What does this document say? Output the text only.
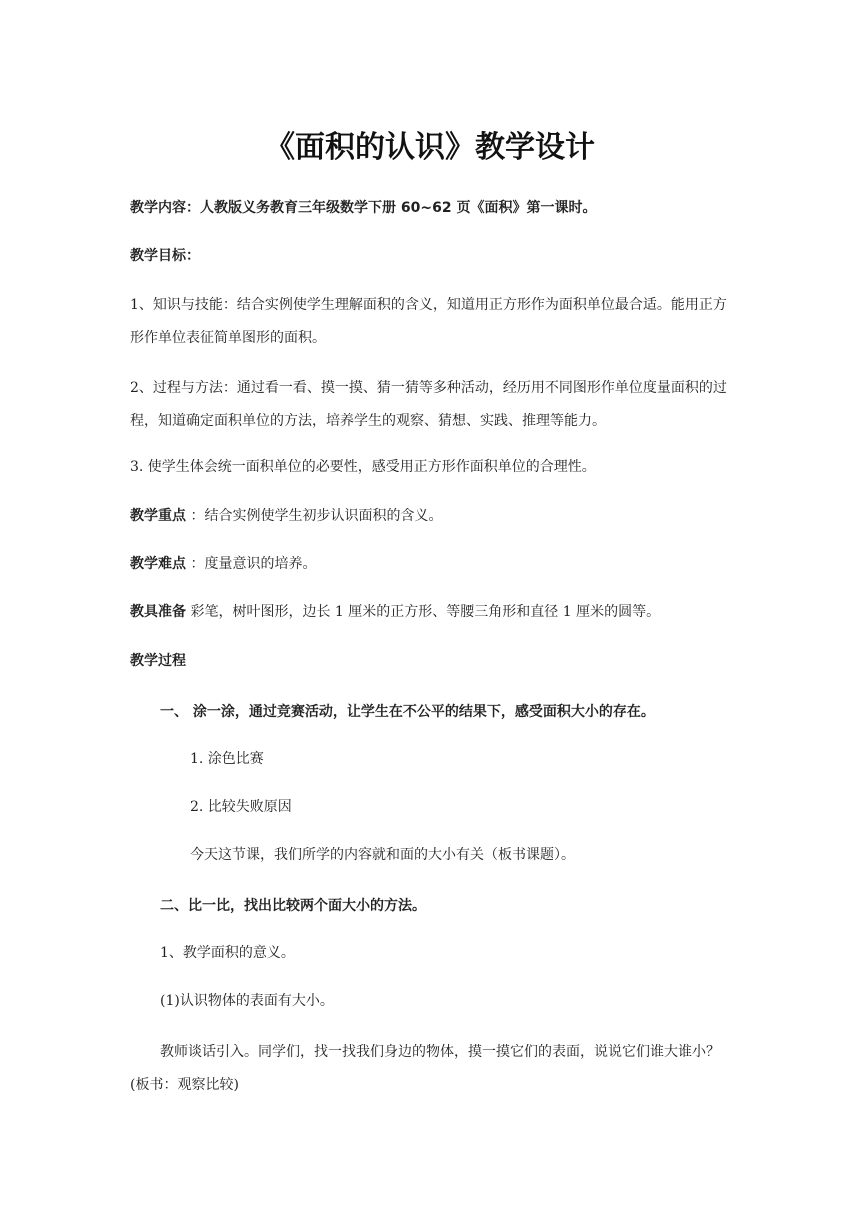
《面积的认识》教学设计
教学内容：人教版义务教育三年级数学下册 60~62 页《面积》第一课时。
教学目标：
1、知识与技能：结合实例使学生理解面积的含义，知道用正方形作为面积单位最合适。能用正方形作单位表征简单图形的面积。
2、过程与方法：通过看一看、摸一摸、猜一猜等多种活动，经历用不同图形作单位度量面积的过程，知道确定面积单位的方法，培养学生的观察、猜想、实践、推理等能力。
3. 使学生体会统一面积单位的必要性，感受用正方形作面积单位的合理性。
教学重点 ：结合实例使学生初步认识面积的含义。
教学难点 ：度量意识的培养。
教具准备 彩笔，树叶图形，边长 1 厘米的正方形、等腰三角形和直径 1 厘米的圆等。
教学过程
一、 涂一涂，通过竞赛活动，让学生在不公平的结果下，感受面积大小的存在。
1. 涂色比赛
2. 比较失败原因
今天这节课，我们所学的内容就和面的大小有关（板书课题）。
二、比一比，找出比较两个面大小的方法。
1、教学面积的意义。
(1)认识物体的表面有大小。
教师谈话引入。同学们，找一找我们身边的物体，摸一摸它们的表面，说说它们谁大谁小？ (板书：观察比较)
